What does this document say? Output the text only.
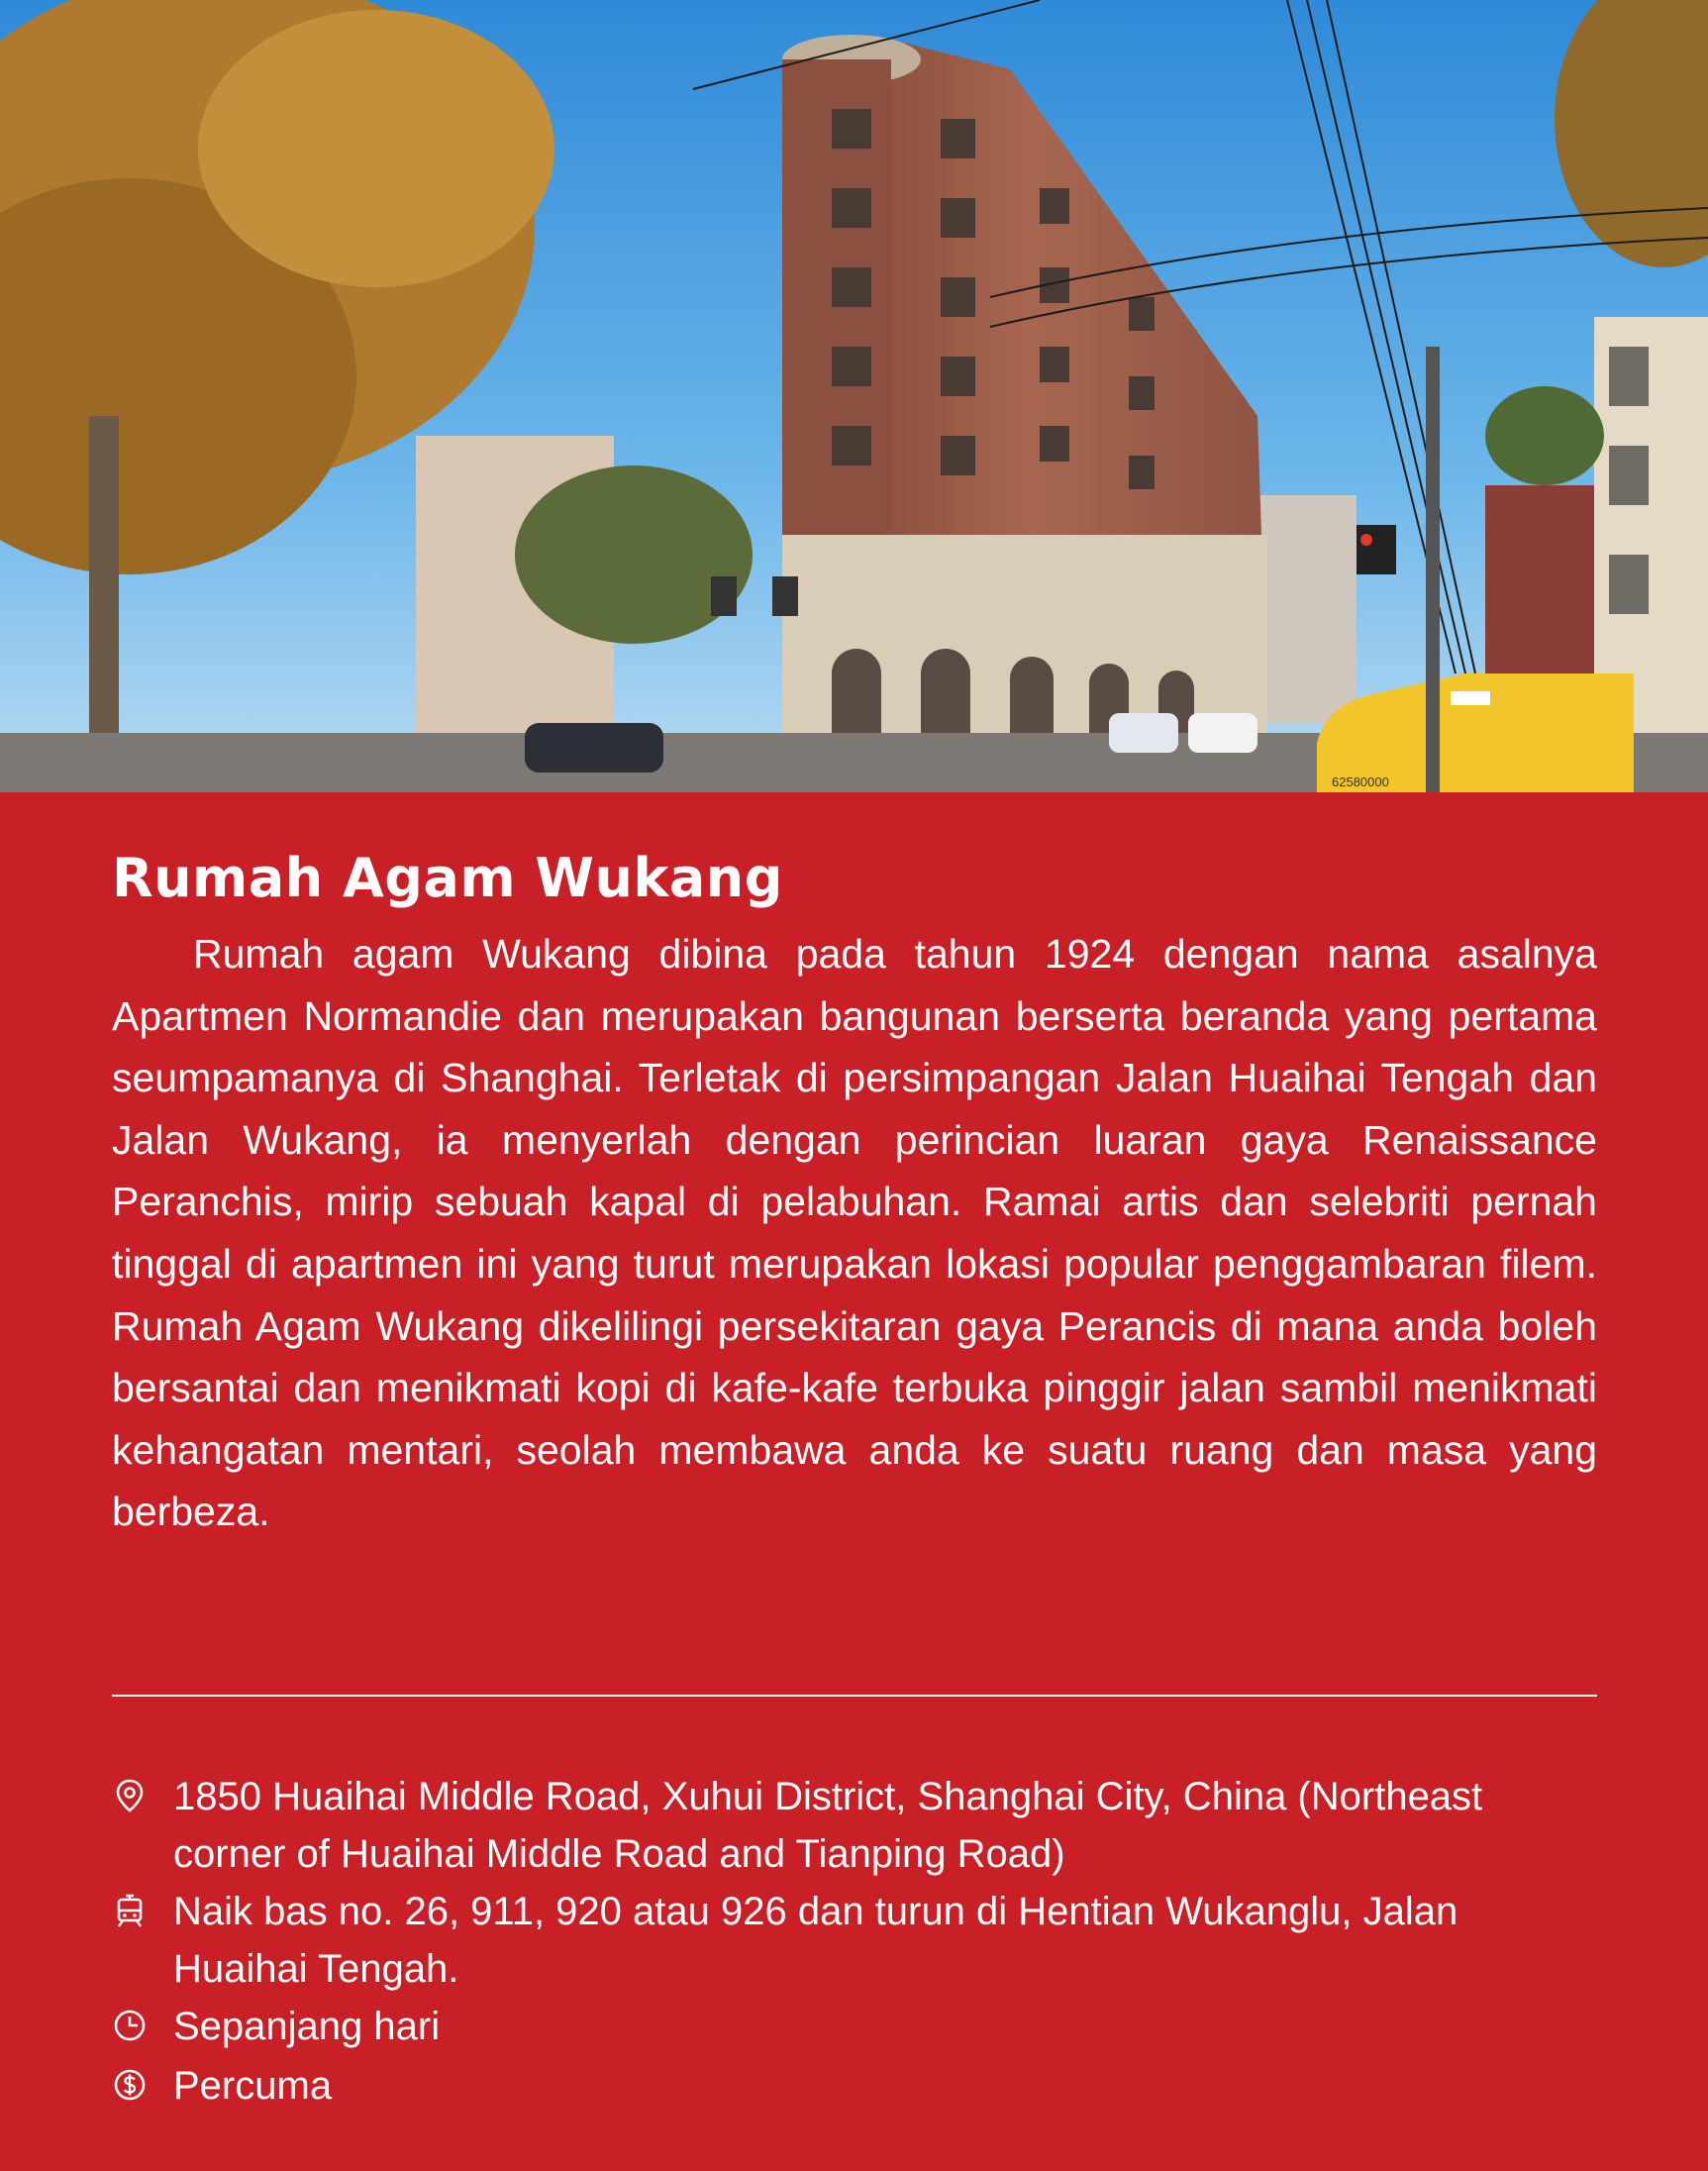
62580000
Rumah Agam Wukang

Rumah agam Wukang dibina pada tahun 1924 dengan nama asalnya Apartmen Normandie dan merupakan bangunan berserta beranda yang pertama seumpamanya di Shanghai. Terletak di persimpangan Jalan Huaihai Tengah dan Jalan Wukang, ia menyerlah dengan perincian luaran gaya Renaissance Peranchis, mirip sebuah kapal di pelabuhan. Ramai artis dan selebriti pernah tinggal di apartmen ini yang turut merupakan lokasi popular penggambaran filem. Rumah Agam Wukang dikelilingi persekitaran gaya Perancis di mana anda boleh bersantai dan menikmati kopi di kafe-kafe terbuka pinggir jalan sambil menikmati kehangatan mentari, seolah membawa anda ke suatu ruang dan masa yang berbeza.

1850 Huaihai Middle Road, Xuhui District, Shanghai City, China (Northeast corner of Huaihai Middle Road and Tianping Road)
Naik bas no. 26, 911, 920 atau 926 dan turun di Hentian Wukanglu, Jalan Huaihai Tengah.
Sepanjang hari
Percuma
